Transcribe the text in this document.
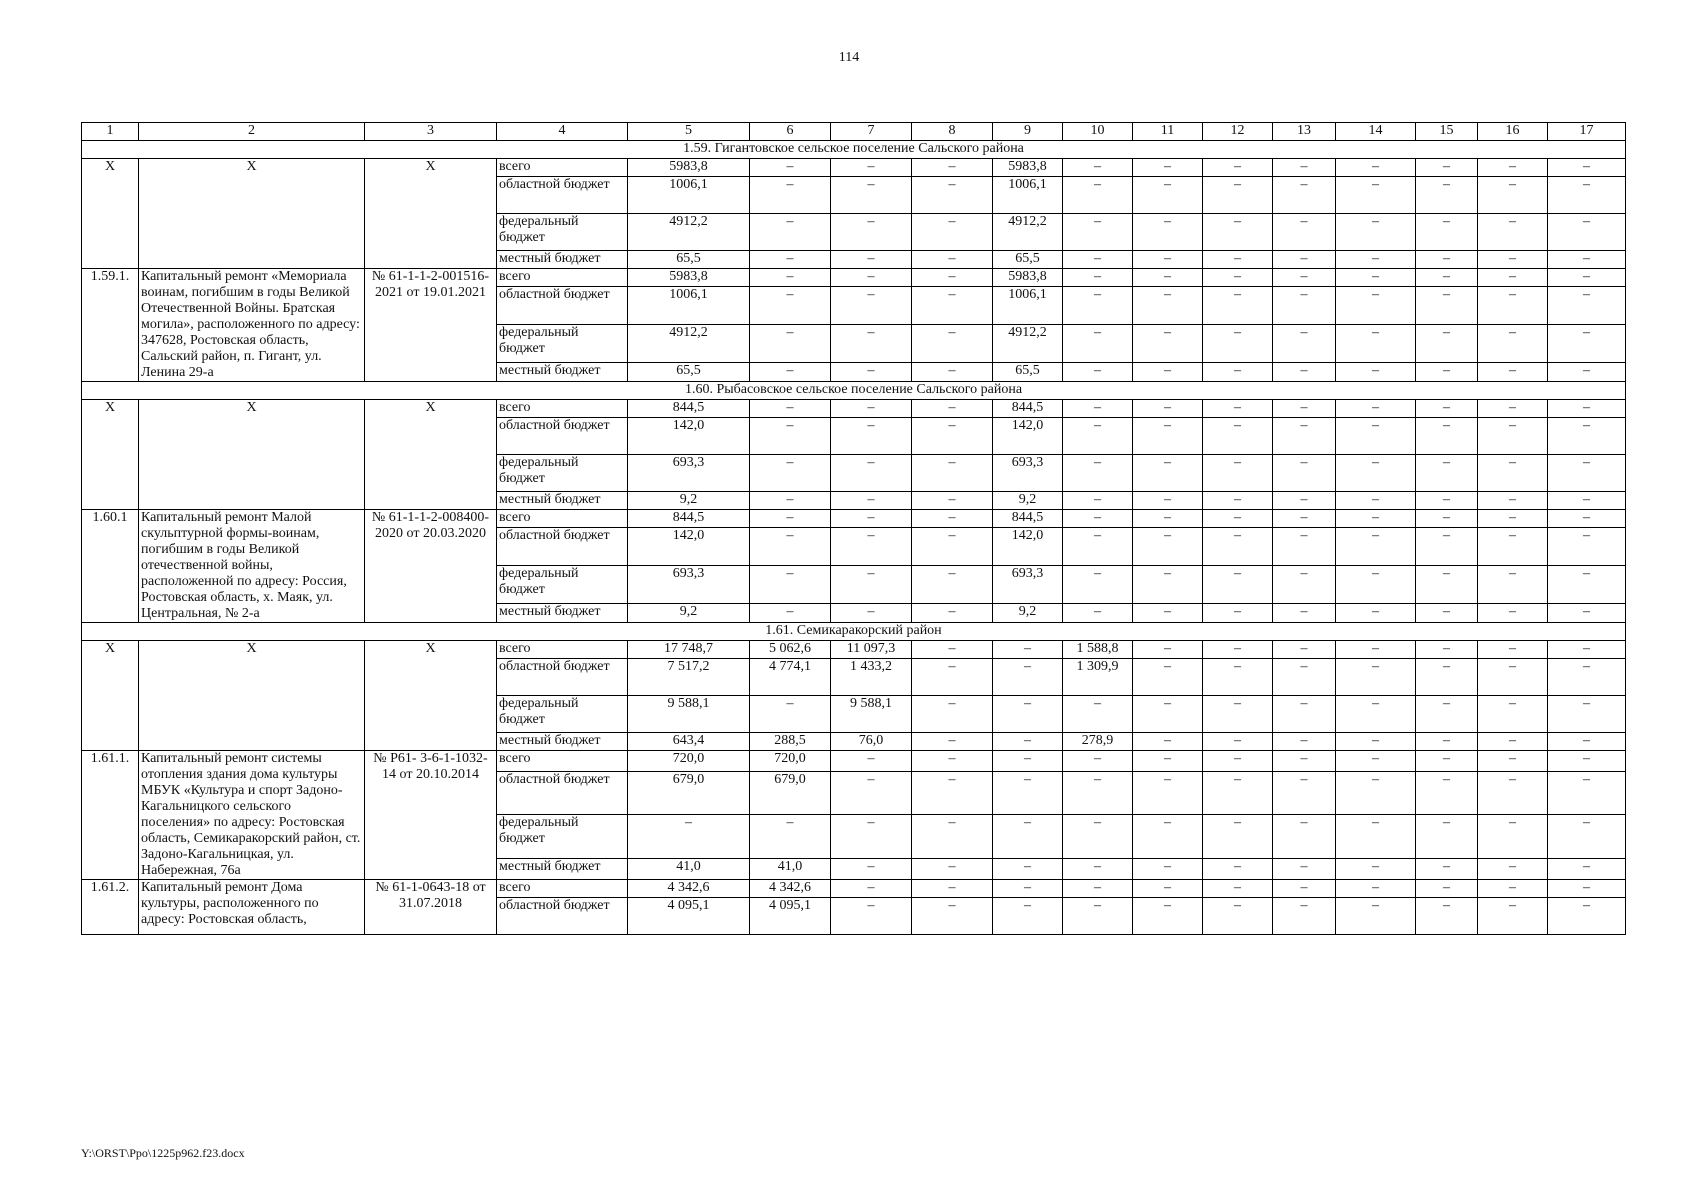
114
1	2	3	4	5	6	7	8	9	10	11	12	13	14	15	16	17
1.59. Гигантовское сельское поселение Сальского района																
Х	Х	Х	всего	5983,8	–	–	–	5983,8	–	–	–	–	–	–	–	–
			областной бюджет	1006,1	–	–	–	1006,1	–	–	–	–	–	–	–	–
			федеральный бюджет	4912,2	–	–	–	4912,2	–	–	–	–	–	–	–	–
			местный бюджет	65,5	–	–	–	65,5	–	–	–	–	–	–	–	–
1.59.1.	Капитальный ремонт «Мемориала воинам, погибшим в годы Великой Отечественной Войны. Братская могила», расположенного по адресу: 347628, Ростовская область, Сальский район, п. Гигант, ул. Ленина 29-а	№ 61-1-1-2-001516-2021 от 19.01.2021	всего	5983,8	–	–	–	5983,8	–	–	–	–	–	–	–	–
			областной бюджет	1006,1	–	–	–	1006,1	–	–	–	–	–	–	–	–
			федеральный бюджет	4912,2	–	–	–	4912,2	–	–	–	–	–	–	–	–
			местный бюджет	65,5	–	–	–	65,5	–	–	–	–	–	–	–	–
1.60. Рыбасовское сельское поселение Сальского района																
Х	Х	Х	всего	844,5	–	–	–	844,5	–	–	–	–	–	–	–	–
			областной бюджет	142,0	–	–	–	142,0	–	–	–	–	–	–	–	–
			федеральный бюджет	693,3	–	–	–	693,3	–	–	–	–	–	–	–	–
			местный бюджет	9,2	–	–	–	9,2	–	–	–	–	–	–	–	–
1.60.1	Капитальный ремонт Малой скульптурной формы-воинам, погибшим в годы Великой отечественной войны, расположенной по адресу: Россия, Ростовская область, х. Маяк, ул. Центральная, № 2-а	№ 61-1-1-2-008400-2020 от 20.03.2020	всего	844,5	–	–	–	844,5	–	–	–	–	–	–	–	–
			областной бюджет	142,0	–	–	–	142,0	–	–	–	–	–	–	–	–
			федеральный бюджет	693,3	–	–	–	693,3	–	–	–	–	–	–	–	–
			местный бюджет	9,2	–	–	–	9,2	–	–	–	–	–	–	–	–
1.61. Семикаракорский район																
Х	Х	Х	всего	17 748,7	5 062,6	11 097,3	–	–	1 588,8	–	–	–	–	–	–	–
			областной бюджет	7 517,2	4 774,1	1 433,2	–	–	1 309,9	–	–	–	–	–	–	–
			федеральный бюджет	9 588,1	–	9 588,1	–	–	–	–	–	–	–	–	–	–
			местный бюджет	643,4	288,5	76,0	–	–	278,9	–	–	–	–	–	–	–
1.61.1.	Капитальный ремонт системы отопления здания дома культуры МБУК «Культура и спорт Задоно-Кагальницкого сельского поселения» по адресу: Ростовская область, Семикаракорский район, ст. Задоно-Кагальницкая, ул. Набережная, 76а	№ Р61- 3-6-1-1032-14 от 20.10.2014	всего	720,0	720,0	–	–	–	–	–	–	–	–	–	–	–
			областной бюджет	679,0	679,0	–	–	–	–	–	–	–	–	–	–	–
			федеральный бюджет	–	–	–	–	–	–	–	–	–	–	–	–	–
			местный бюджет	41,0	41,0	–	–	–	–	–	–	–	–	–	–	–
1.61.2.	Капитальный ремонт Дома культуры, расположенного по адресу: Ростовская область,	№ 61-1-0643-18 от 31.07.2018	всего	4 342,6	4 342,6	–	–	–	–	–	–	–	–	–	–	–
			областной бюджет	4 095,1	4 095,1	–	–	–	–	–	–	–	–	–	–	–
Y:\ORST\Ppo\1225p962.f23.docx
